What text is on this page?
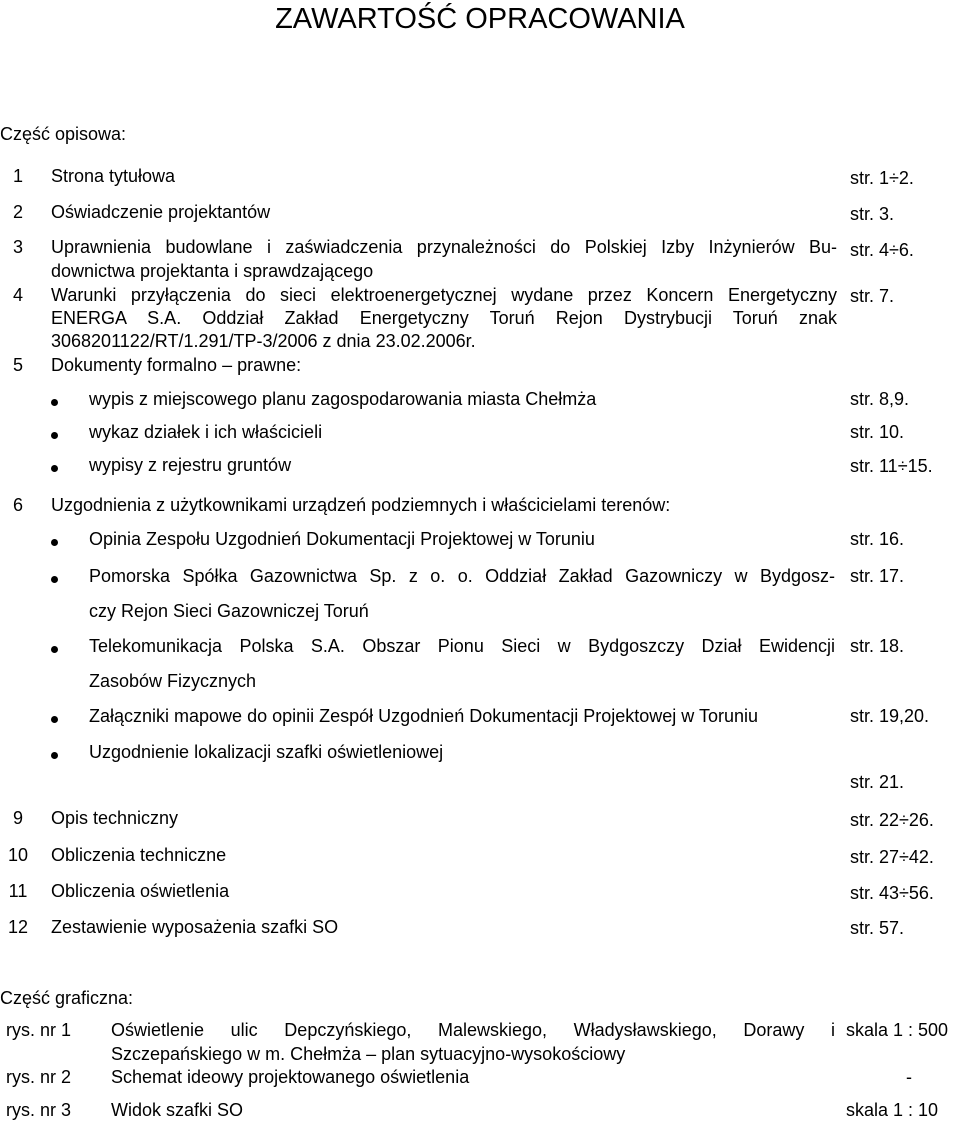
ZAWARTOŚĆ OPRACOWANIA
Część opisowa:
1	Strona tytułowa	str. 1÷2.
2	Oświadczenie projektantów	str. 3.
3	Uprawnienia budowlane i zaświadczenia przynależności do Polskiej Izby Inżynierów Bu-
downictwa projektanta i sprawdzającego
str. 4÷6.
4	Warunki przyłączenia do sieci elektroenergetycznej wydane przez Koncern Energetyczny
ENERGA S.A. Oddział Zakład Energetyczny Toruń Rejon Dystrybucji Toruń znak
3068201122/RT/1.291/TP-3/2006 z dnia 23.02.2006r.
str. 7.
5	Dokumenty formalno – prawne:
wypis z miejscowego planu zagospodarowania miasta Chełmża	str. 8,9.
wykaz działek i ich właścicieli	str. 10.
wypisy z rejestru gruntów	str. 11÷15.
6	Uzgodnienia z użytkownikami urządzeń podziemnych i właścicielami terenów:
Opinia Zespołu Uzgodnień Dokumentacji Projektowej w Toruniu	str. 16.
Pomorska Spółka Gazownictwa Sp. z o. o. Oddział Zakład Gazowniczy w Bydgosz-
czy Rejon Sieci Gazowniczej Toruń
str. 17.
Telekomunikacja Polska S.A. Obszar Pionu Sieci w Bydgoszczy Dział Ewidencji
Zasobów Fizycznych
str. 18.
Załączniki mapowe do opinii Zespół Uzgodnień Dokumentacji Projektowej w Toruniu	str. 19,20.
Uzgodnienie lokalizacji szafki oświetleniowej
str. 21.
9	Opis techniczny	str. 22÷26.
10 Obliczenia techniczne	str. 27÷42.
11	Obliczenia oświetlenia	str. 43÷56.
12 Zestawienie wyposażenia szafki SO	str. 57.
Część graficzna:
rys. nr 1 Oświetlenie ulic Depczyńskiego, Malewskiego, Władysławskiego, Dorawy i
Szczepańskiego w m. Chełmża – plan sytuacyjno-wysokościowy
skala 1 : 500
rys. nr 2 Schemat ideowy projektowanego oświetlenia	-
rys. nr 3 Widok szafki SO	skala 1 : 10
